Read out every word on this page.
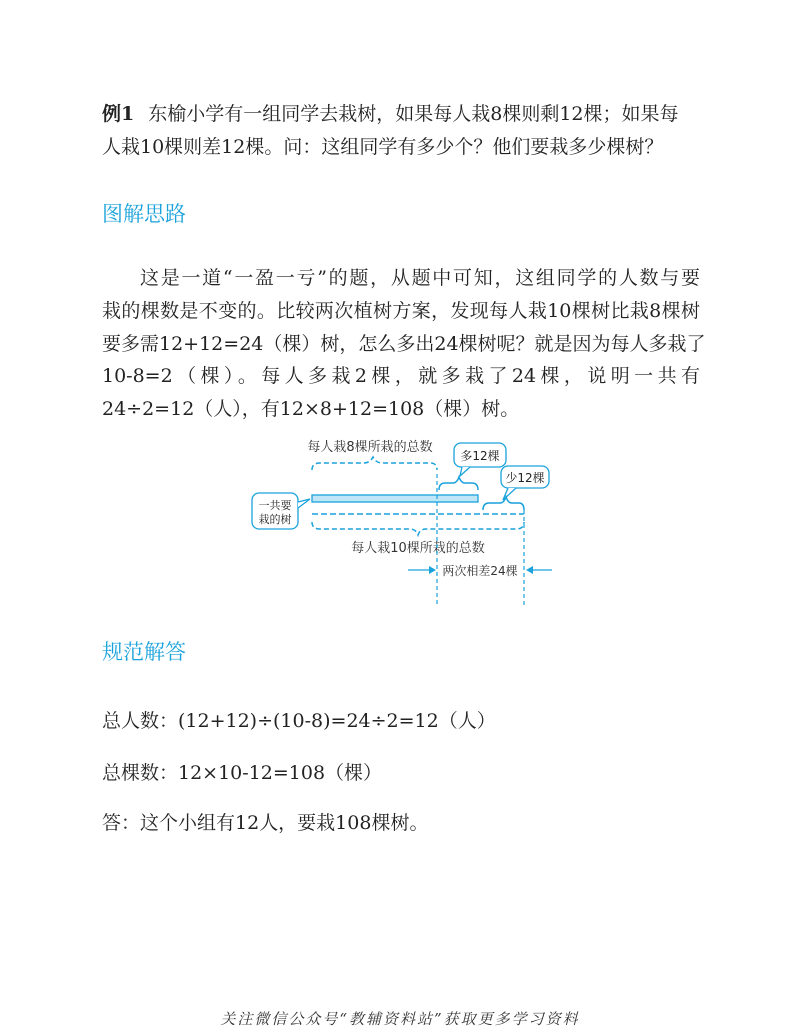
例1 东榆小学有一组同学去栽树，如果每人栽8棵则剩12棵；如果每
人栽10棵则差12棵。问：这组同学有多少个？他们要栽多少棵树？
图解思路
这是一道“一盈一亏”的题，从题中可知，这组同学的人数与要
栽的棵数是不变的。比较两次植树方案，发现每人栽10棵树比栽8棵树
要多需12+12=24（棵）树，怎么多出24棵树呢？就是因为每人多栽了
10-8=2（棵）。每人多栽2棵，就多栽了24棵，说明一共有
24÷2=12（人），有12×8+12=108（棵）树。
每人栽8棵所栽的总数
多12棵
少12棵
一共要
栽的树
每人栽10棵所栽的总数
两次相差24棵
规范解答
总人数：(12+12)÷(10-8)=24÷2=12（人）
总棵数：12×10-12=108（棵）
答：这个小组有12人，要栽108棵树。
关注微信公众号“教辅资料站”获取更多学习资料
